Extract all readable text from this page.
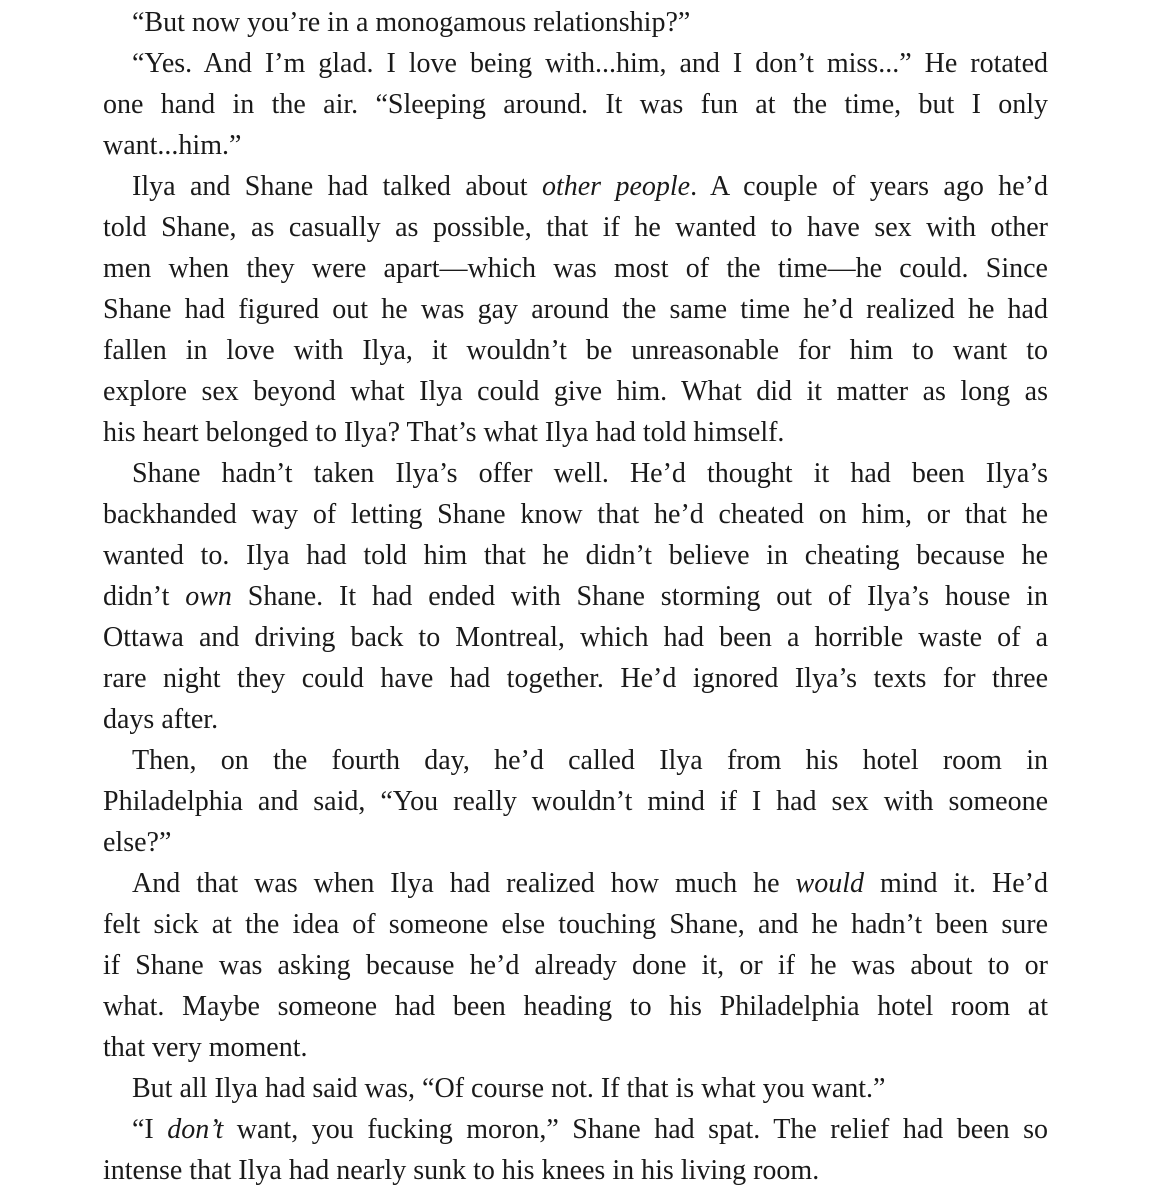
“But now you’re in a monogamous relationship?”
“Yes. And I’m glad. I love being with...him, and I don’t miss...” He rotated
one hand in the air. “Sleeping around. It was fun at the time, but I only
want...him.”
Ilya and Shane had talked about other people. A couple of years ago he’d
told Shane, as casually as possible, that if he wanted to have sex with other
men when they were apart—which was most of the time—he could. Since
Shane had figured out he was gay around the same time he’d realized he had
fallen in love with Ilya, it wouldn’t be unreasonable for him to want to
explore sex beyond what Ilya could give him. What did it matter as long as
his heart belonged to Ilya? That’s what Ilya had told himself.
Shane hadn’t taken Ilya’s offer well. He’d thought it had been Ilya’s
backhanded way of letting Shane know that he’d cheated on him, or that he
wanted to. Ilya had told him that he didn’t believe in cheating because he
didn’t own Shane. It had ended with Shane storming out of Ilya’s house in
Ottawa and driving back to Montreal, which had been a horrible waste of a
rare night they could have had together. He’d ignored Ilya’s texts for three
days after.
Then, on the fourth day, he’d called Ilya from his hotel room in
Philadelphia and said, “You really wouldn’t mind if I had sex with someone
else?”
And that was when Ilya had realized how much he would mind it. He’d
felt sick at the idea of someone else touching Shane, and he hadn’t been sure
if Shane was asking because he’d already done it, or if he was about to or
what. Maybe someone had been heading to his Philadelphia hotel room at
that very moment.
But all Ilya had said was, “Of course not. If that is what you want.”
“I don’t want, you fucking moron,” Shane had spat. The relief had been so
intense that Ilya had nearly sunk to his knees in his living room.
